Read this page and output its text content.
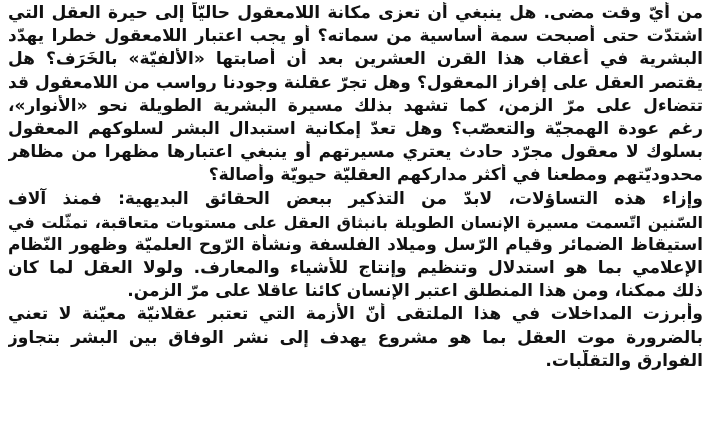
من أيّ وقت مضى. هل ينبغي أن تعزى مكانة اللامعقول حاليّاً إلى حيرة العقل التي
اشتدّت حتى أصبحت سمة أساسية من سماته؟ أو يجب اعتبار اللامعقول خطرا يهدّد
البشرية في أعقاب هذا القرن العشرين بعد أن أصابتها «الألفيّة» بالخَرَف؟ هل
يقتصر العقل على إفراز المعقول؟ وهل تجرّ عقلنة وجودنا رواسب من اللامعقول قد
تتضاءل على مرّ الزمن، كما تشهد بذلك مسيرة البشرية الطويلة نحو «الأنوار»،
رغم عودة الهمجيّة والتعصّب؟ وهل تعدّ إمكانية استبدال البشر لسلوكهم المعقول
بسلوك لا معقول مجرّد حادث يعتري مسيرتهم أو ينبغي اعتبارها مظهرا من مظاهر
محدوديّتهم ومطعنا في أكثر مداركهم العقليّة حيويّة وأصالة؟
وإزاء هذه التساؤلات، لابدّ من التذكير ببعض الحقائق البديهية: فمنذ آلاف
السّنين اتّسمت مسيرة الإنسان الطويلة بانبثاق العقل على مستويات متعاقبة، تمثّلت في
استيقاظ الضمائر وقيام الرّسل وميلاد الفلسفة ونشأة الرّوح العلميّة وظهور النّظام
الإعلامي بما هو استدلال وتنظيم وإنتاج للأشياء والمعارف. ولولا العقل لما كان
ذلك ممكنا، ومن هذا المنطلق اعتبر الإنسان كائنا عاقلا على مرّ الزمن.
وأبرزت المداخلات في هذا الملتقى أنّ الأزمة التي تعتبر عقلانيّة معيّنة لا تعني
بالضرورة موت العقل بما هو مشروع يهدف إلى نشر الوفاق بين البشر بتجاوز
الفوارق والتقلّبات.
